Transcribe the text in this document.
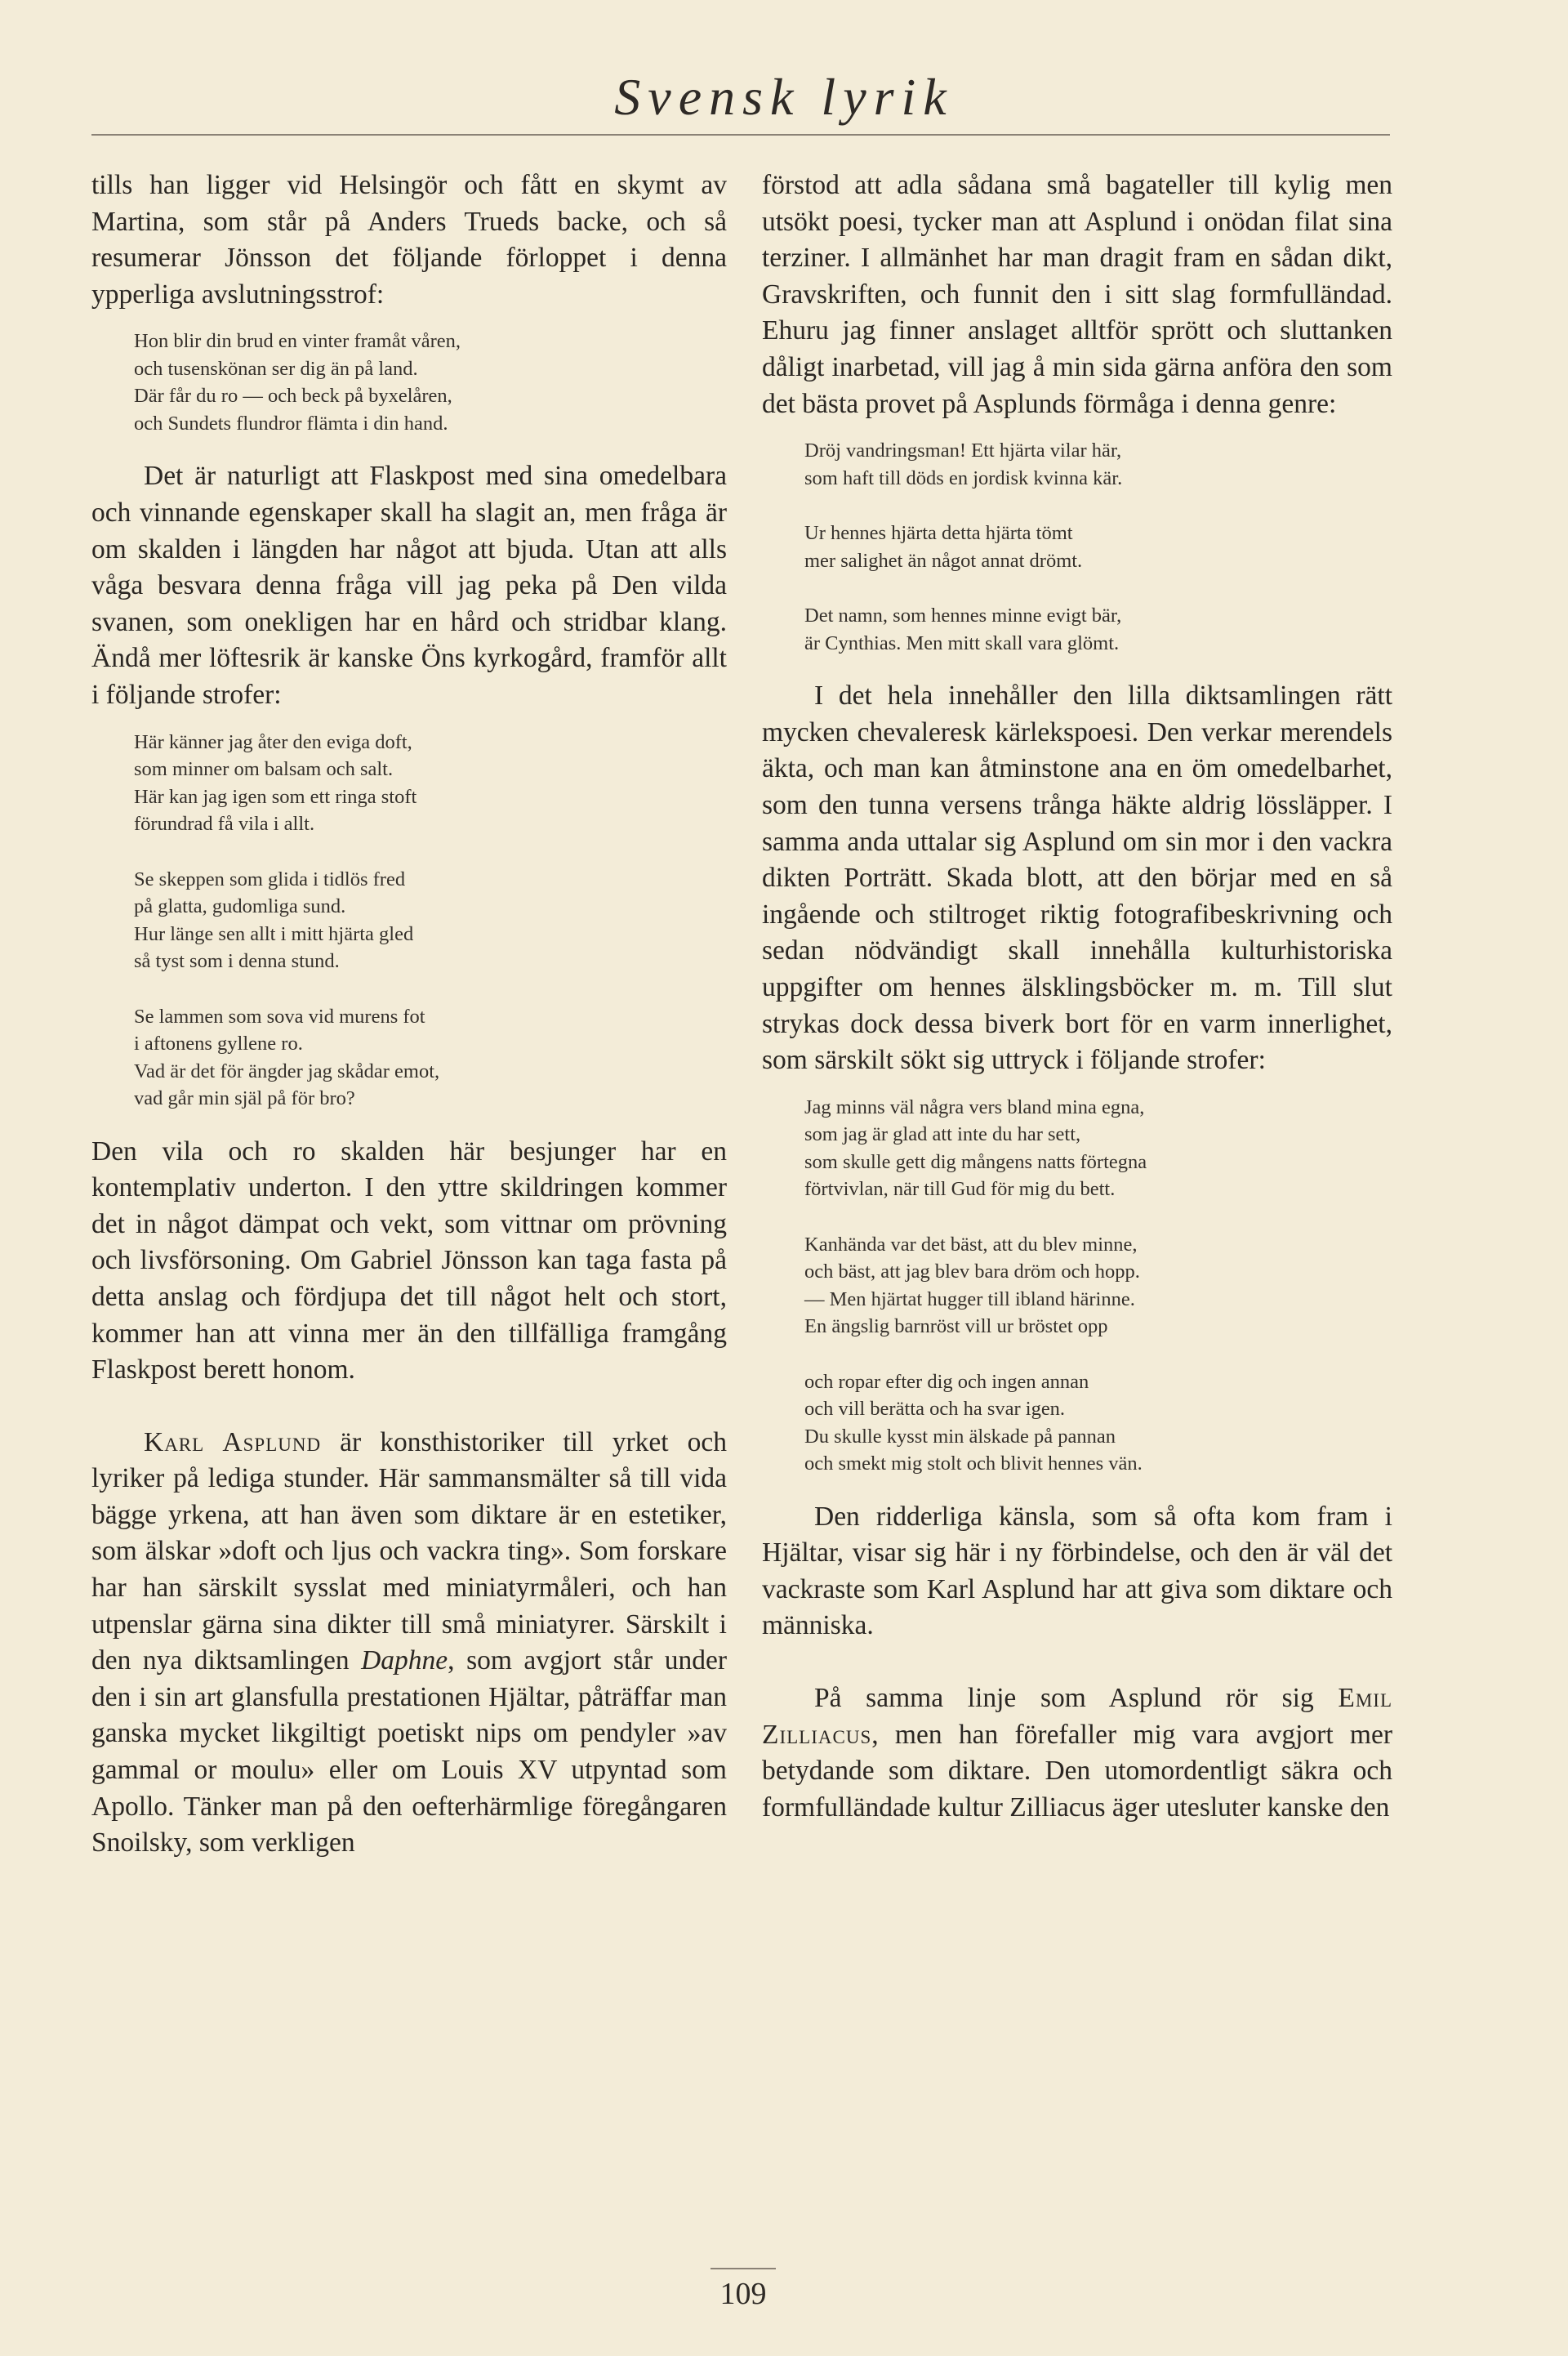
Svensk lyrik

tills han ligger vid Helsingör och fått en skymt av Martina, som står på Anders Trueds backe, och så resumerar Jönsson det följande förloppet i denna ypperliga avslutningsstrof:

Hon blir din brud en vinter framåt våren,
och tusenskönan ser dig än på land.
Där får du ro — och beck på byxelåren,
och Sundets flundror flämta i din hand.

Det är naturligt att Flaskpost med sina omedelbara och vinnande egenskaper skall ha slagit an, men fråga är om skalden i längden har något att bjuda. Utan att alls våga besvara denna fråga vill jag peka på Den vilda svanen, som onekligen har en hård och stridbar klang. Ändå mer löftesrik är kanske Öns kyrkogård, framför allt i följande strofer:

Här känner jag åter den eviga doft,
som minner om balsam och salt.
Här kan jag igen som ett ringa stoft
förundrad få vila i allt.
Se skeppen som glida i tidlös fred
på glatta, gudomliga sund.
Hur länge sen allt i mitt hjärta gled
så tyst som i denna stund.
Se lammen som sova vid murens fot
i aftonens gyllene ro.
Vad är det för ängder jag skådar emot,
vad går min själ på för bro?

Den vila och ro skalden här besjunger har en kontemplativ underton. I den yttre skildringen kommer det in något dämpat och vekt, som vittnar om prövning och livsförsoning. Om Gabriel Jönsson kan taga fasta på detta anslag och fördjupa det till något helt och stort, kommer han att vinna mer än den tillfälliga framgång Flaskpost berett honom.

Karl Asplund är konsthistoriker till yrket och lyriker på lediga stunder. Här sammansmälter så till vida bägge yrkena, att han även som diktare är en estetiker, som älskar »doft och ljus och vackra ting». Som forskare har han särskilt sysslat med miniatyrmåleri, och han utpenslar gärna sina dikter till små miniatyrer. Särskilt i den nya diktsamlingen Daphne, som avgjort står under den i sin art glansfulla prestationen Hjältar, påträffar man ganska mycket likgiltigt poetiskt nips om pendyler »av gammal or moulu» eller om Louis XV utpyntad som Apollo. Tänker man på den oefterhärmlige föregångaren Snoilsky, som verkligen

förstod att adla sådana små bagateller till kylig men utsökt poesi, tycker man att Asplund i onödan filat sina terziner. I allmänhet har man dragit fram en sådan dikt, Gravskriften, och funnit den i sitt slag formfulländad. Ehuru jag finner anslaget alltför sprött och sluttanken dåligt inarbetad, vill jag å min sida gärna anföra den som det bästa provet på Asplunds förmåga i denna genre:

Dröj vandringsman! Ett hjärta vilar här,
som haft till döds en jordisk kvinna kär.
Ur hennes hjärta detta hjärta tömt
mer salighet än något annat drömt.
Det namn, som hennes minne evigt bär,
är Cynthias. Men mitt skall vara glömt.

I det hela innehåller den lilla diktsamlingen rätt mycken chevaleresk kärlekspoesi. Den verkar merendels äkta, och man kan åtminstone ana en öm omedelbarhet, som den tunna versens trånga häkte aldrig lössläpper. I samma anda uttalar sig Asplund om sin mor i den vackra dikten Porträtt. Skada blott, att den börjar med en så ingående och stiltroget riktig fotografibeskrivning och sedan nödvändigt skall innehålla kulturhistoriska uppgifter om hennes älsklingsböcker m. m. Till slut strykas dock dessa biverk bort för en varm innerlighet, som särskilt sökt sig uttryck i följande strofer:

Jag minns väl några vers bland mina egna,
som jag är glad att inte du har sett,
som skulle gett dig mångens natts förtegna
förtvivlan, när till Gud för mig du bett.
Kanhända var det bäst, att du blev minne,
och bäst, att jag blev bara dröm och hopp.
— Men hjärtat hugger till ibland härinne.
En ängslig barnröst vill ur bröstet opp
och ropar efter dig och ingen annan
och vill berätta och ha svar igen.
Du skulle kysst min älskade på pannan
och smekt mig stolt och blivit hennes vän.

Den ridderliga känsla, som så ofta kom fram i Hjältar, visar sig här i ny förbindelse, och den är väl det vackraste som Karl Asplund har att giva som diktare och människa.

På samma linje som Asplund rör sig Emil Zilliacus, men han förefaller mig vara avgjort mer betydande som diktare. Den utomordentligt säkra och formfulländade kultur Zilliacus äger utesluter kanske den

109
